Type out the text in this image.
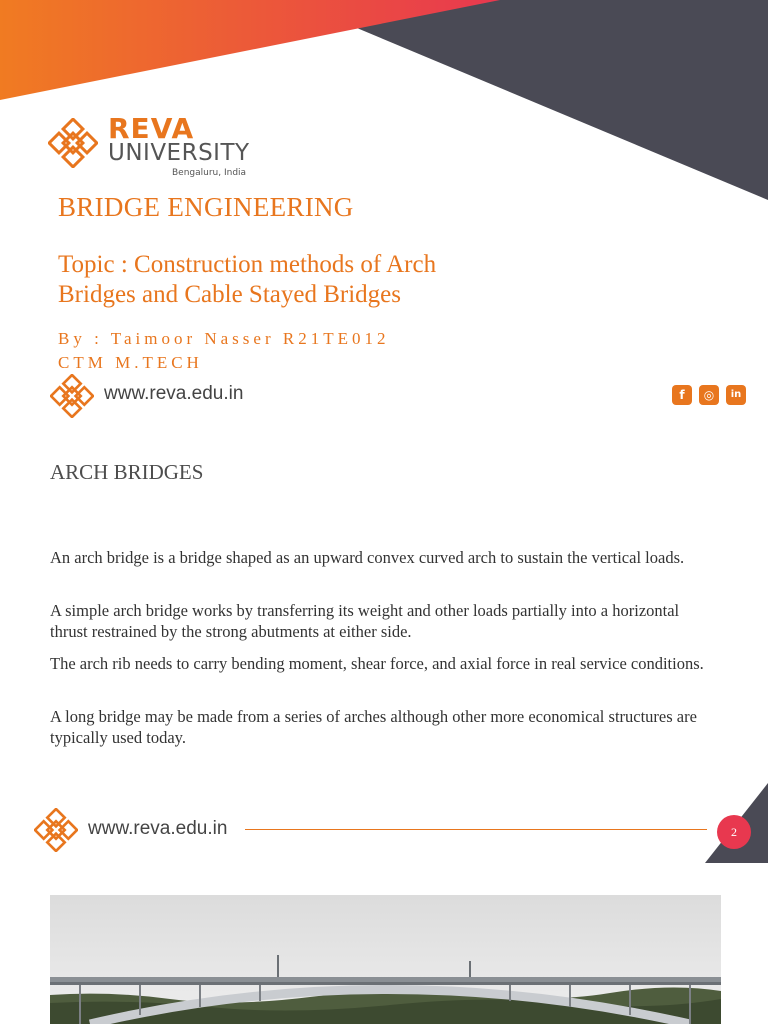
REVA
UNIVERSITY
Bengaluru, India
BRIDGE ENGINEERING
Topic : Construction methods of Arch
Bridges and Cable Stayed Bridges
By : Taimoor Nasser R21TE012
CTM M.TECH
www.reva.edu.in	f	◎	in
ARCH BRIDGES
An arch bridge is a bridge shaped as an upward convex curved arch to sustain the vertical loads.
A simple arch bridge works by transferring its weight and other loads partially into a horizontal thrust restrained by the strong abutments at either side.
The arch rib needs to carry bending moment, shear force, and axial force in real service conditions.
A long bridge may be made from a series of arches although other more economical structures are typically used today.
www.reva.edu.in	2
